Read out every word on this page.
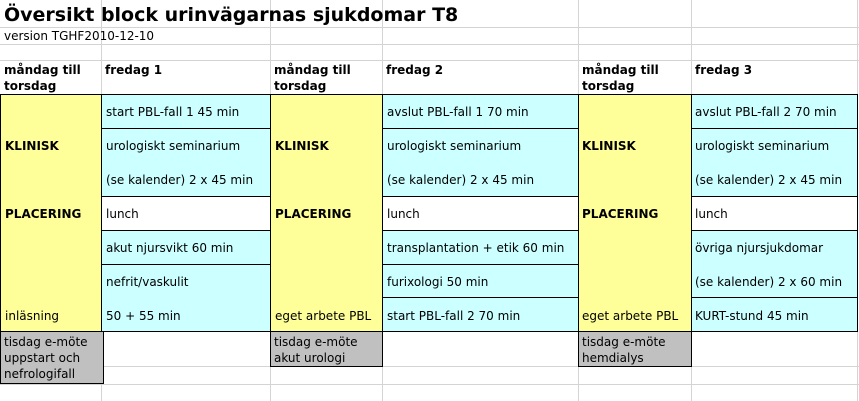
Översikt block urinvägarnas sjukdomar T8
version TGHF2010-12-10
måndag till torsdag
fredag 1
KLINISK
PLACERING
inläsning
start PBL-fall 1 45 min
urologiskt seminarium
(se kalender) 2 x 45 min
lunch
akut njursvikt 60 min
nefrit/vaskulit
50 + 55 min
tisdag e-möte uppstart och nefrologifall
måndag till torsdag
fredag 2
KLINISK
PLACERING
eget arbete PBL
avslut PBL-fall 1 70 min
urologiskt seminarium
(se kalender) 2 x 45 min
lunch
transplantation + etik 60 min
furixologi 50 min
start PBL-fall 2 70 min
tisdag e-möte akut urologi
måndag till torsdag
fredag 3
KLINISK
PLACERING
eget arbete PBL
avslut PBL-fall 2 70 min
urologiskt seminarium
(se kalender) 2 x 45 min
lunch
övriga njursjukdomar
(se kalender) 2 x 60 min
KURT-stund 45 min
tisdag e-möte hemdialys
